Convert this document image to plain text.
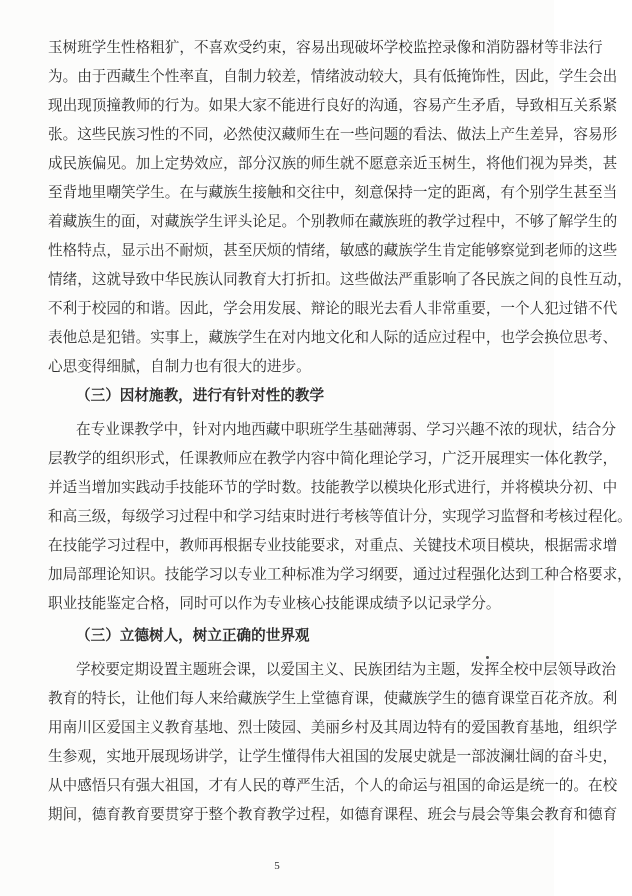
玉树班学生性格粗犷，不喜欢受约束，容易出现破坏学校监控录像和消防器材等非法行
为。由于西藏生个性率直，自制力较差，情绪波动较大，具有低掩饰性，因此，学生会出
现出现顶撞教师的行为。如果大家不能进行良好的沟通，容易产生矛盾，导致相互关系紧
张。这些民族习性的不同，必然使汉藏师生在一些问题的看法、做法上产生差异，容易形
成民族偏见。加上定势效应，部分汉族的师生就不愿意亲近玉树生，将他们视为异类，甚
至背地里嘲笑学生。在与藏族生接触和交往中，刻意保持一定的距离，有个别学生甚至当
着藏族生的面，对藏族学生评头论足。个别教师在藏族班的教学过程中，不够了解学生的
性格特点，显示出不耐烦，甚至厌烦的情绪，敏感的藏族学生肯定能够察觉到老师的这些
情绪，这就导致中华民族认同教育大打折扣。这些做法严重影响了各民族之间的良性互动，
不利于校园的和谐。因此，学会用发展、辩论的眼光去看人非常重要，一个人犯过错不代
表他总是犯错。实事上，藏族学生在对内地文化和人际的适应过程中，也学会换位思考、
心思变得细腻，自制力也有很大的进步。
（三）因材施教，进行有针对性的教学
在专业课教学中，针对内地西藏中职班学生基础薄弱、学习兴趣不浓的现状，结合分
层教学的组织形式，任课教师应在教学内容中简化理论学习，广泛开展理实一体化教学，
并适当增加实践动手技能环节的学时数。技能教学以模块化形式进行，并将模块分初、中
和高三级，每级学习过程中和学习结束时进行考核等值计分，实现学习监督和考核过程化。
在技能学习过程中，教师再根据专业技能要求，对重点、关键技术项目模块，根据需求增
加局部理论知识。技能学习以专业工种标准为学习纲要，通过过程强化达到工种合格要求，
职业技能鉴定合格，同时可以作为专业核心技能课成绩予以记录学分。
（三）立德树人，树立正确的世界观
学校要定期设置主题班会课，以爱国主义、民族团结为主题，发挥全校中层领导政治
教育的特长，让他们每人来给藏族学生上堂德育课，使藏族学生的德育课堂百花齐放。利
用南川区爱国主义教育基地、烈士陵园、美丽乡村及其周边特有的爱国教育基地，组织学
生参观，实地开展现场讲学，让学生懂得伟大祖国的发展史就是一部波澜壮阔的奋斗史，
从中感悟只有强大祖国，才有人民的尊严生活，个人的命运与祖国的命运是统一的。在校
期间，德育教育要贯穿于整个教育教学过程，如德育课程、班会与晨会等集会教育和德育
5
